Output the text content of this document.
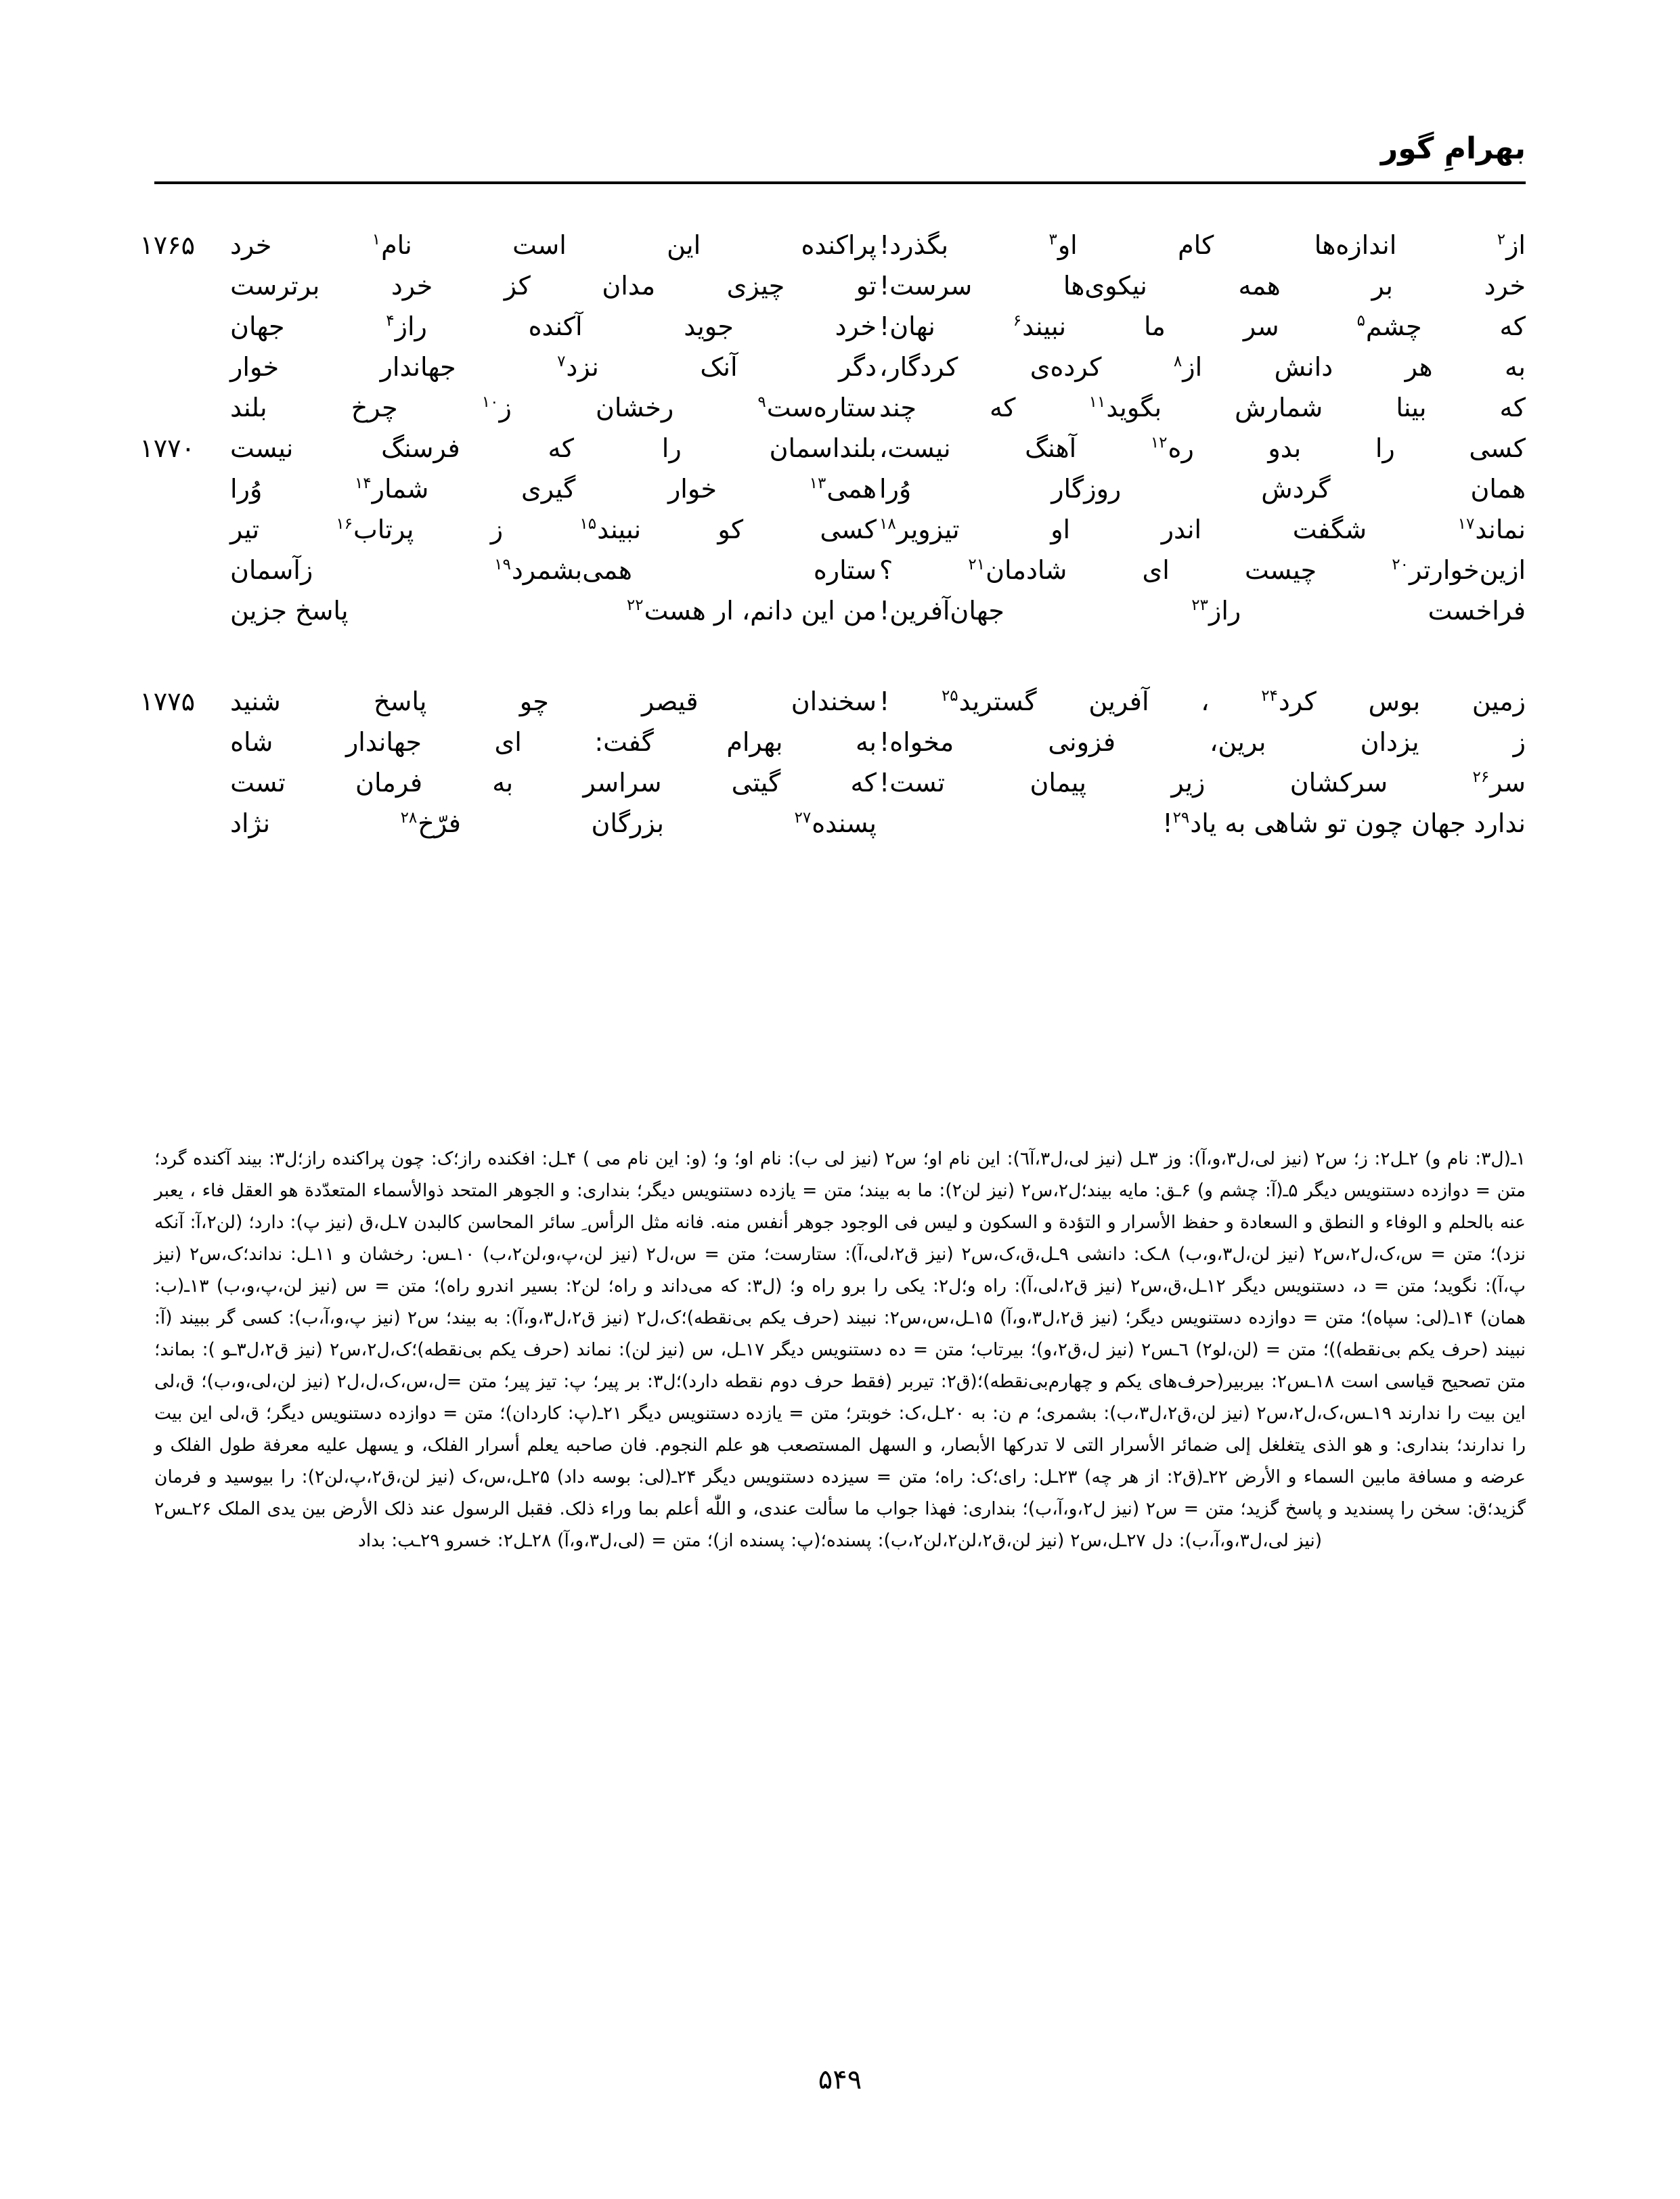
بهرامِ گور
از$^۲$
اندازه‌ها
کام
او$^۳$
بگذرد!
پراکنده
این
است
نام$^۱$
خرد
۱۷۶۵
خرد
بر
همه
نیکوی‌ها
سرست!
تو
چیزی
مدان
کز
خرد
برترست
که
چشم$^۵$
سر
ما
نبیند$^۶$
نهان!
خرد
جوید
آکنده
راز$^۴$
جهان
به
هر
دانش
از$^۸$
کرده‌ی
کردگار،
دگر
آنک
نزد$^۷$
جهاندار
خوار
که
بینا
شمارش
بگوید$^{۱۱}$
که
چند
ستاره‌ست$^۹$
رخشان
ز$^{۱۰}$
چرخ
بلند
کسی
را
بدو
ره$^{۱۲}$
آهنگ
نیست،
بلنداسمان
را
که
فرسنگ
نیست
۱۷۷۰
همان
گردش
روزگار
وُرا
همی$^{۱۳}$
خوار
گیری
شمار$^{۱۴}$
وُرا
نماند$^{۱۷}$
شگفت
اندر
او
تیزویر$^{۱۸}$
کسی
کو
نبیند$^{۱۵}$
ز
پرتاب$^{۱۶}$
تیر
ازین‌خوارتر$^{۲۰}$
چیست
ای
شادمان$^{۲۱}$
؟
ستاره
همی‌بشمرد$^{۱۹}$
زآسمان
فراخست
راز$^{۲۳}$
جهان‌آفرین!
من این دانم، ار هست$^{۲۲}$
پاسخ جزین
زمین
بوس
کرد$^{۲۴}$
،
آفرین
گسترید$^{۲۵}$
!
سخندان
قیصر
چو
پاسخ
شنید
۱۷۷۵
ز
یزدان
برین،
فزونی
مخواه!
به
بهرام
گفت:
ای
جهاندار
شاه
سر$^{۲۶}$
سرکشان
زیر
پیمان
تست!
که
گیتی
سراسر
به
فرمان
تست
ندارد جهان چون تو شاهی به یاد$^{۲۹}$!
پسنده$^{۲۷}$
بزرگان
فرّخ$^{۲۸}$
نژاد

۱ـ(ل۳: نام و) ۲ـل۲: ز؛ س۲ (نیز لی،ل۳،و،آ): وز ۳ـل (نیز لی،ل۳،آ٦): این نام او؛ س۲ (نیز لی ب): نام او؛ و؛ (و: این نام می ) ۴ـل: افکنده راز؛ک: چون پراکنده راز؛ل۳: بیند آکنده گرد؛ متن = دوازده دستنویس دیگر ۵ـ(آ: چشم و) ۶ـق: مایه بیند؛ل۲،س۲ (نیز لن۲): ما به بیند؛ متن = یازده دستنویس دیگر؛ بنداری: و الجوهر المتحد ذوالأسماء المتعدّدة هو العقل فاء ، یعبر عنه بالحلم و الوفاء و النطق و السعادة و حفظ الأسرار و التؤدة و السکون و لیس فی الوجود جوهر أنفس منه. فانه مثل الرأس ِ سائر المحاسن کالبدن ۷ـل،ق (نیز پ): دارد؛ (لن۲،آ: آنکه نزد)؛ متن = س،ک،ل۲،س۲ (نیز لن،ل۳،و،ب) ۸ـک: دانشی ۹ـل،ق،ک،س۲ (نیز ق۲،لی،آ): ستارست؛ متن = س،ل۲ (نیز لن،پ،و،لن۲،ب) ۱۰ـس: رخشان و ۱۱ـل: نداند؛ک،س۲ (نیز پ،آ): نگوید؛ متن = د، دستنویس دیگر ۱۲ـل،ق،س۲ (نیز ق۲،لی،آ): راه و؛ل۲: یکی را برو راه و؛ (ل۳: که می‌داند و راه؛ لن۲: بسیر اندرو راه)؛ متن = س (نیز لن،پ،و،ب) ۱۳ـ(ب: همان) ۱۴ـ(لی: سپاه)؛ متن = دوازده دستنویس دیگر؛ (نیز ق۲،ل۳،و،آ) ۱۵ـل،س،س۲: نبیند (حرف یکم بی‌نقطه)؛ک،ل۲ (نیز ق۲،ل۳،و،آ): به بیند؛ س۲ (نیز پ،و،آ،ب): کسی گر ببیند (آ: نبیند (حرف یکم بی‌نقطه))؛ متن = (لن،لو۲) ٦ـس۲ (نیز ل،ق۲،و)؛ بیرتاب؛ متن = ده دستنویس دیگر ۱۷ـل، س (نیز لن): نماند (حرف یکم بی‌نقطه)؛ک،ل۲،س۲ (نیز ق۲،ل۳ـو ): بماند؛ متن تصحیح قیاسی است ۱۸ـس۲: بیربیر(حرف‌های یکم و چهارم‌بی‌نقطه)؛(ق۲: تیربر (فقط حرف دوم نقطه دارد)؛ل۳: بر پیر؛ پ: تیز پیر؛ متن =ل،س،ک،ل،ل۲ (نیز لن،لی،و،ب)؛ ق،لی این بیت را ندارند ۱۹ـس،ک،ل۲،س۲ (نیز لن،ق۲،ل۳،ب): بشمری؛ م ن: به ۲۰ـل،ک: خوبتر؛ متن = یازده دستنویس دیگر ۲۱ـ(پ: کاردان)؛ متن = دوازده دستنویس دیگر؛ ق،لی این بیت را ندارند؛ بنداری: و هو الذی یتغلغل إلی ضمائر الأسرار التی لا تدرکها الأبصار، و السهل المستصعب هو علم النجوم. فان صاحبه یعلم أسرار الفلک، و یسهل علیه معرفة طول الفلک و عرضه و مسافة مابین السماء و الأرض ۲۲ـ(ق۲: از هر چه) ۲۳ـل: رای؛ک: راه؛ متن = سیزده دستنویس دیگر ۲۴ـ(لی: بوسه داد) ۲۵ـل،س،ک (نیز لن،ق۲،پ،لن۲): را بیوسید و فرمان گزید؛ق: سخن را پسندید و پاسخ گزید؛ متن = س۲ (نیز ل۲،و،آ،ب)؛ بنداری: فهذا جواب ما سألت عندی، و اللّٰه أعلم بما وراء ذلک. فقبل الرسول عند ذلک الأرض بین یدی الملک ۲۶ـس۲ (نیز لی،ل۳،و،آ،ب): دل ۲۷ـل،س۲ (نیز لن،ق۲،لن۲،لن۲،ب): پسنده؛(پ: پسنده از)؛ متن = (لی،ل۳،و،آ) ۲۸ـل۲: خسرو ۲۹ـب: بداد

۵۴۹
